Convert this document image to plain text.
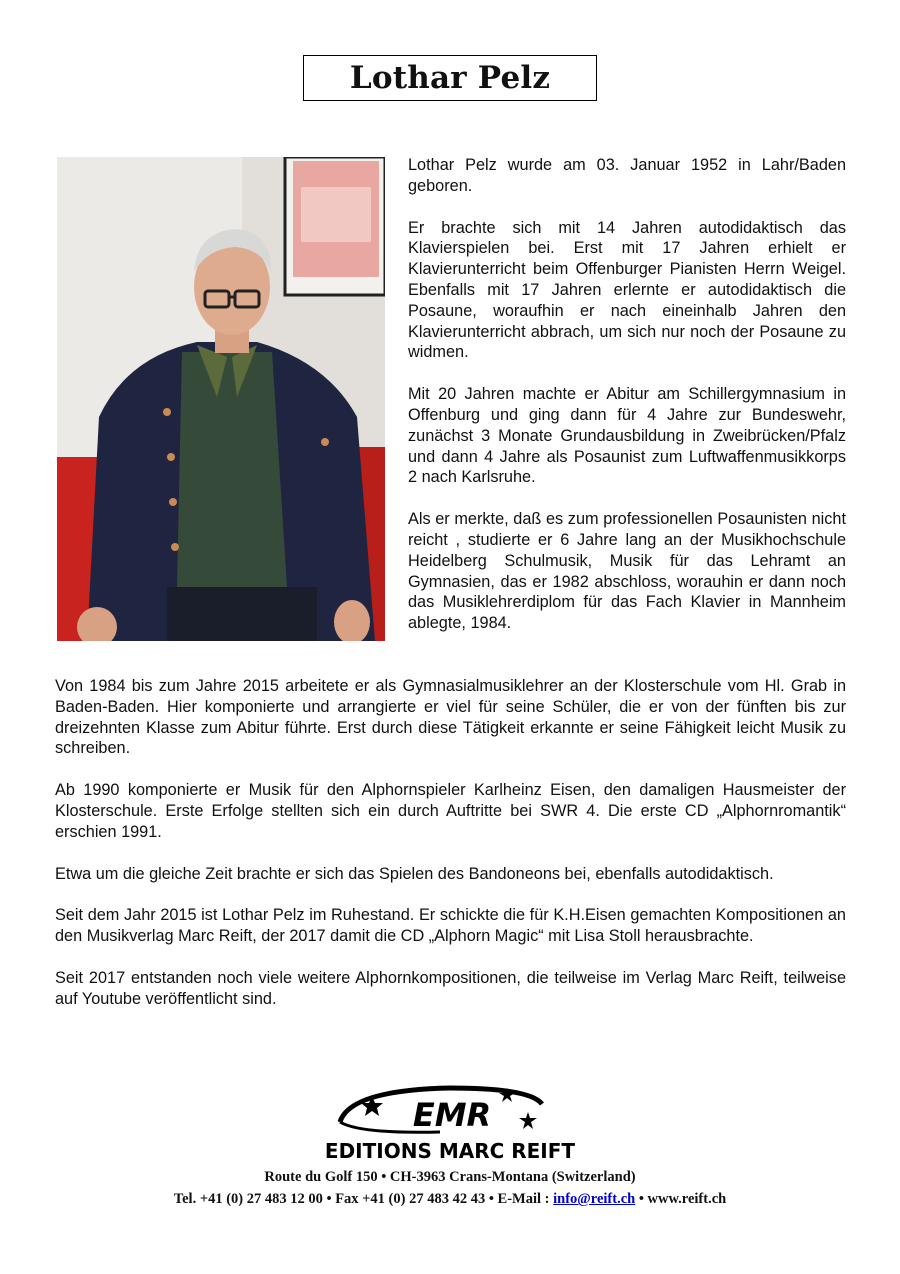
Lothar Pelz

Lothar Pelz wurde am 03. Januar 1952 in Lahr/Baden geboren.

Er brachte sich mit 14 Jahren autodidaktisch das Klavierspielen bei. Erst mit 17 Jahren erhielt er Klavierunterricht beim Offenburger Pianisten Herrn Weigel. Ebenfalls mit 17 Jahren erlernte er autodidaktisch die Posaune, woraufhin er nach eineinhalb Jahren den Klavierunterricht abbrach, um sich nur noch der Posaune zu widmen.

Mit 20 Jahren machte er Abitur am Schillergymnasium in Offenburg und ging dann für 4 Jahre zur Bundeswehr, zunächst 3 Monate Grundausbildung in Zweibrücken/Pfalz und dann 4 Jahre als Posaunist zum Luftwaffenmusikkorps 2 nach Karlsruhe.

Als er merkte, daß es zum professionellen Posaunisten nicht reicht , studierte er 6 Jahre lang an der Musikhochschule Heidelberg Schulmusik, Musik für das Lehramt an Gymnasien, das er 1982 abschloss, worauhin er dann noch das Musiklehrerdiplom für das Fach Klavier in Mannheim ablegte, 1984.

Von 1984 bis zum Jahre 2015 arbeitete er als Gymnasialmusiklehrer an der Klosterschule vom Hl. Grab in Baden-Baden. Hier komponierte und arrangierte er viel für seine Schüler, die er von der fünften bis zur dreizehnten Klasse zum Abitur führte. Erst durch diese Tätigkeit erkannte er seine Fähigkeit leicht Musik zu schreiben.

Ab 1990 komponierte er Musik für den Alphornspieler Karlheinz Eisen, den damaligen Hausmeister der Klosterschule. Erste Erfolge stellten sich ein durch Auftritte bei SWR 4. Die erste CD „Alphornromantik“ erschien 1991.

Etwa um die gleiche Zeit brachte er sich das Spielen des Bandoneons bei, ebenfalls autodidaktisch.

Seit dem Jahr 2015 ist Lothar Pelz im Ruhestand. Er schickte die für K.H.Eisen gemachten Kompositionen an den Musikverlag Marc Reift, der 2017 damit die CD „Alphorn Magic“ mit Lisa Stoll herausbrachte.

Seit 2017 entstanden noch viele weitere Alphornkompositionen, die teilweise im Verlag Marc Reift, teilweise auf Youtube veröffentlicht sind.

EMR
EDITIONS MARC REIFT
Route du Golf 150 • CH-3963 Crans-Montana (Switzerland)
Tel. +41 (0) 27 483 12 00 • Fax +41 (0) 27 483 42 43 • E-Mail : info@reift.ch • www.reift.ch
